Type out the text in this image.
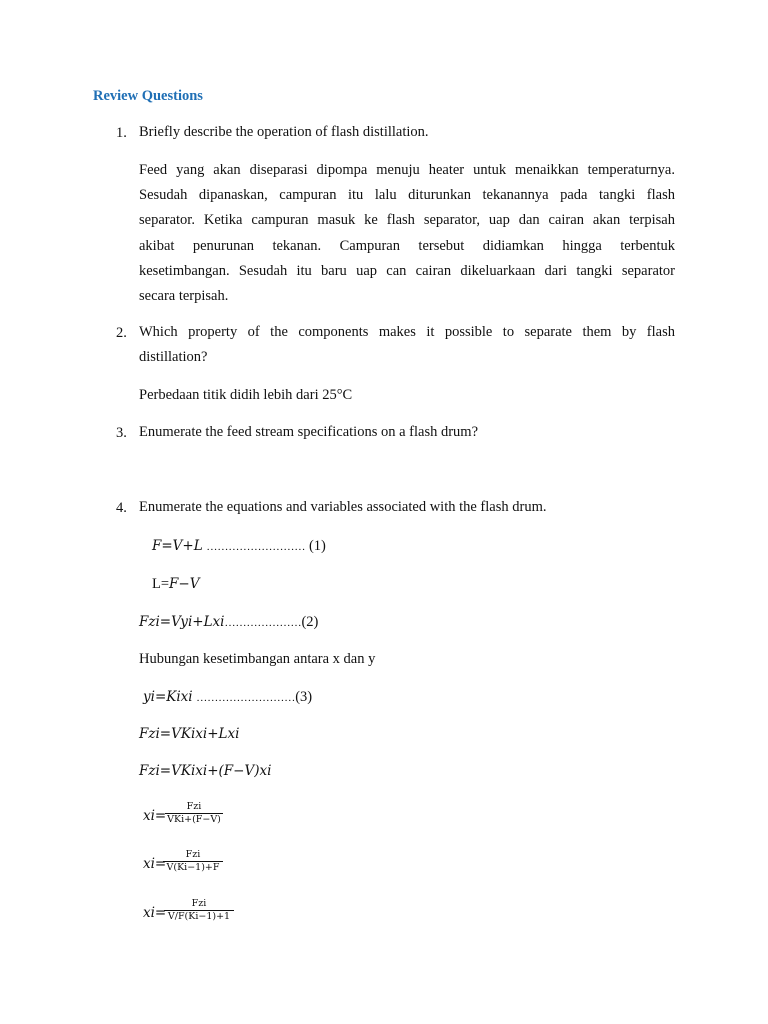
Review Questions
1. Briefly describe the operation of flash distillation.
Feed yang akan diseparasi dipompa menuju heater untuk menaikkan temperaturnya.
Sesudah dipanaskan, campuran itu lalu diturunkan tekanannya pada tangki flash
separator. Ketika campuran masuk ke flash separator, uap dan cairan akan terpisah
akibat penurunan tekanan. Campuran tersebut didiamkan hingga terbentuk
kesetimbangan. Sesudah itu baru uap can cairan dikeluarkaan dari tangki separator
secara terpisah.
2. Which property of the components makes it possible to separate them by flash
distillation?
Perbedaan titik didih lebih dari 25°C
3. Enumerate the feed stream specifications on a flash drum?
4. Enumerate the equations and variables associated with the flash drum.
F=V+L ……………………… (1)
L=F−V
Fzi=Vyi+Lxi…………………(2)
Hubungan kesetimbangan antara x dan y
yi=Kixi ………………………(3)
Fzi=VKixi+Lxi
Fzi=VKixi+(F−V)xi
xi=
Fzi
VKi+(F−V)
xi=
Fzi
V(Ki−1)+F
xi=
Fzi
V/F(Ki−1)+1
